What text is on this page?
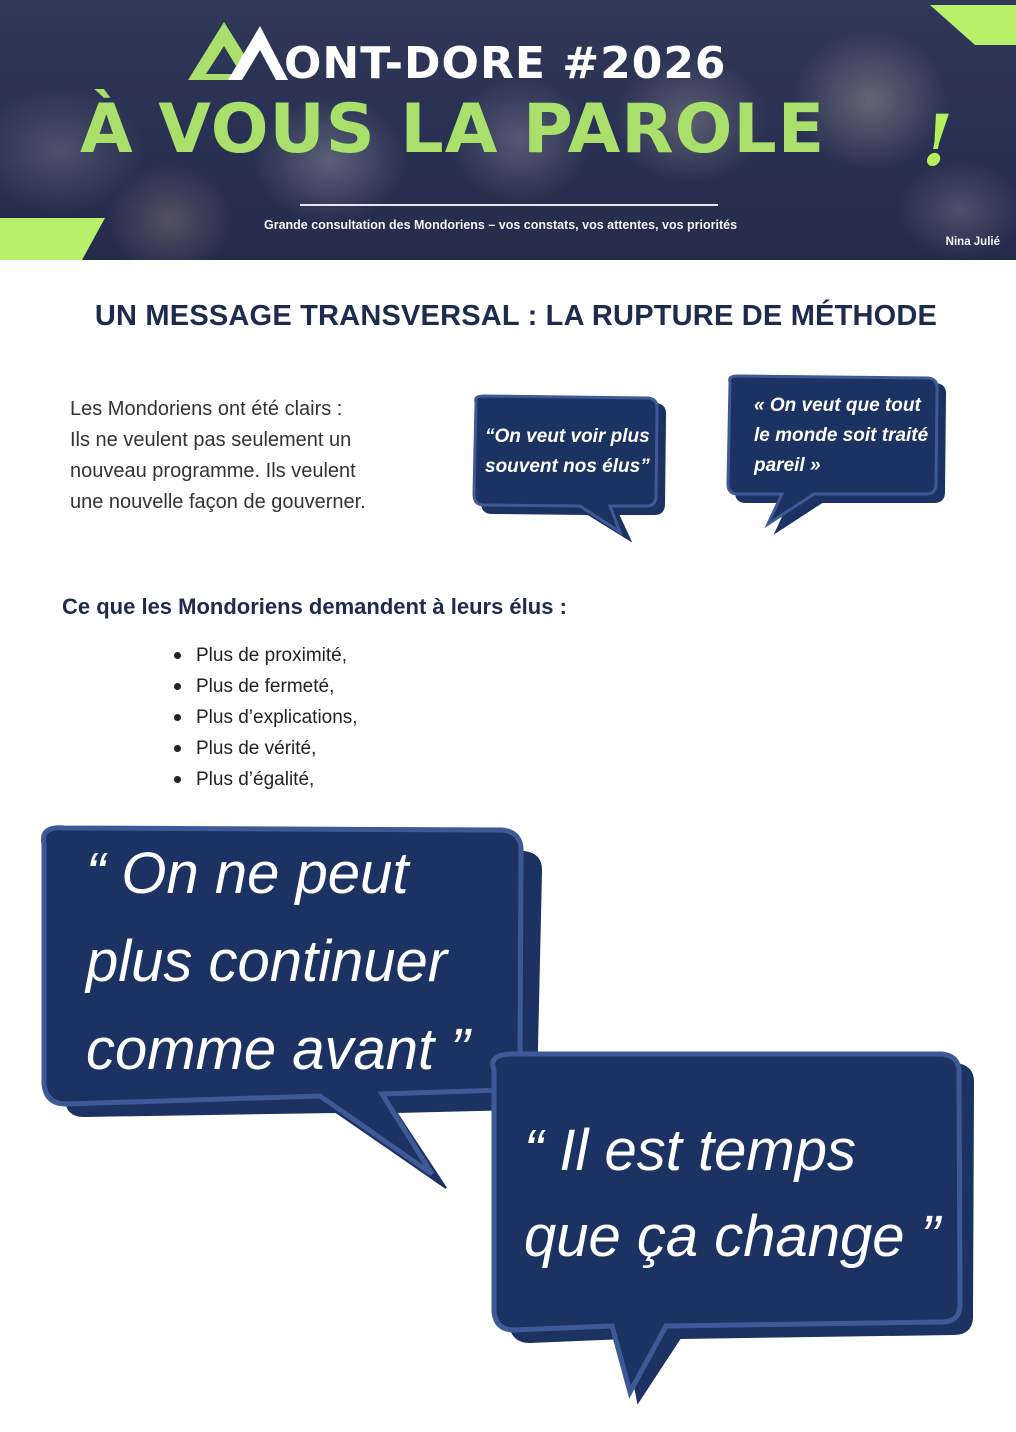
ONT-DORE #2026
À VOUS LA PAROLE !
Grande consultation des Mondoriens – vos constats, vos attentes, vos priorités
Nina Julié
UN MESSAGE TRANSVERSAL : LA RUPTURE DE MÉTHODE
Les Mondoriens ont été clairs :
Ils ne veulent pas seulement un
nouveau programme. Ils veulent
une nouvelle façon de gouverner.
“On veut voir plus
souvent nos élus”
« On veut que tout
le monde soit traité
pareil »
Ce que les Mondoriens demandent à leurs élus :
Plus de proximité,
Plus de fermeté,
Plus d’explications,
Plus de vérité,
Plus d’égalité,
“ On ne peut
plus continuer
comme avant ”
“ Il est temps
que ça change ”
